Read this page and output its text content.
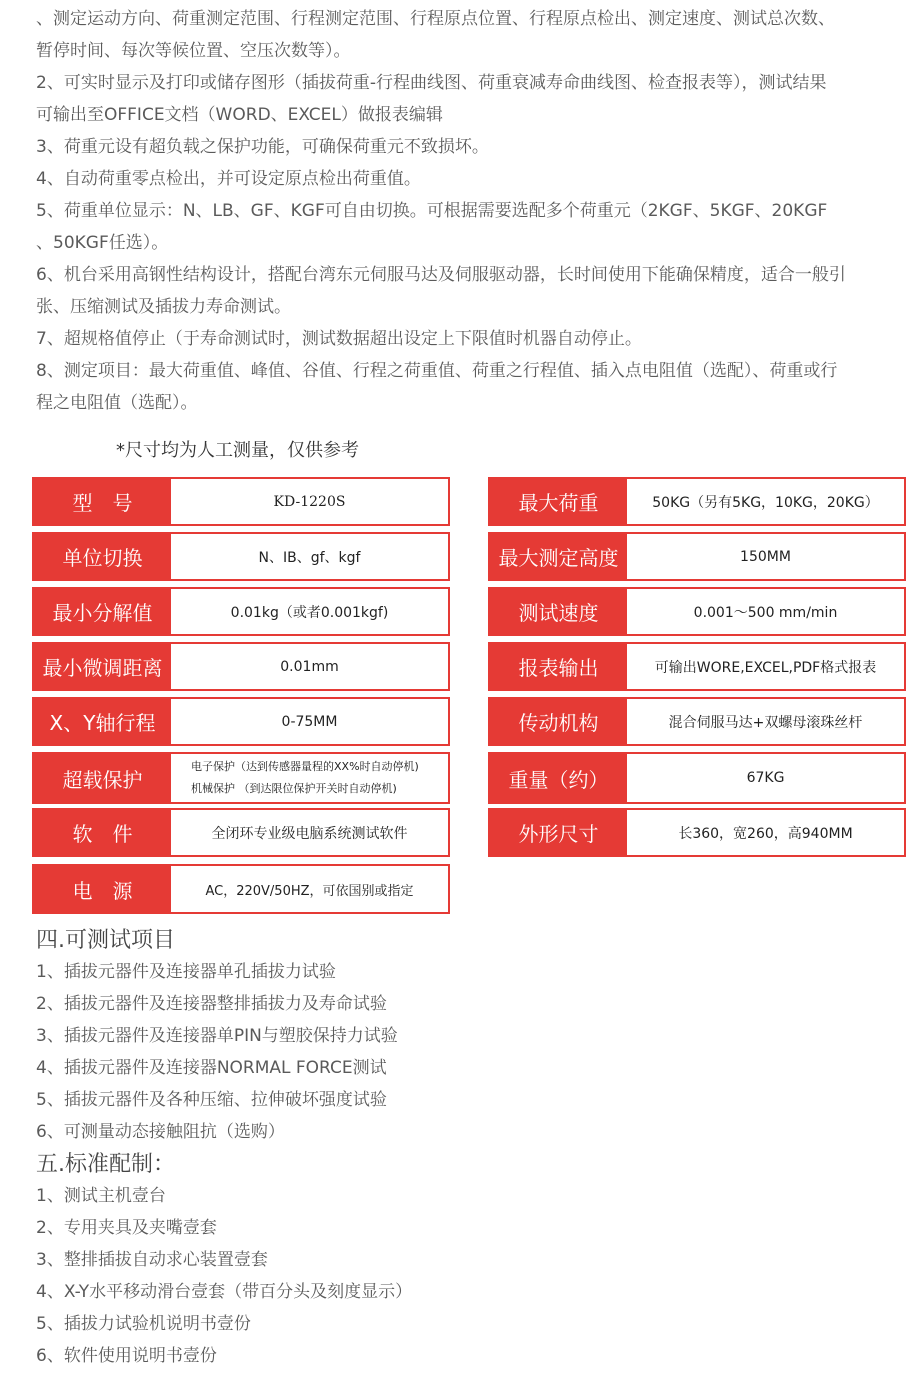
、测定运动方向、荷重测定范围、行程测定范围、行程原点位置、行程原点检出、测定速度、测试总次数、

暂停时间、每次等候位置、空压次数等）。

2、可实时显示及打印或储存图形（插拔荷重-行程曲线图、荷重衰减寿命曲线图、检查报表等），测试结果

可输出至OFFICE文档（WORD、EXCEL）做报表编辑

3、荷重元设有超负载之保护功能，可确保荷重元不致损坏。

4、自动荷重零点检出，并可设定原点检出荷重值。

5、荷重单位显示：N、LB、GF、KGF可自由切换。可根据需要选配多个荷重元（2KGF、5KGF、20KGF

、50KGF任选）。

6、机台采用高钢性结构设计，搭配台湾东元伺服马达及伺服驱动器，长时间使用下能确保精度，适合一般引

张、压缩测试及插拔力寿命测试。

7、超规格值停止（于寿命测试时，测试数据超出设定上下限值时机器自动停止。

8、测定项目：最大荷重值、峰值、谷值、行程之荷重值、荷重之行程值、插入点电阻值（选配）、荷重或行

程之电阻值（选配）。

*尺寸均为人工测量，仅供参考
型　号	KD-1220S
单位切换	N、IB、gf、kgf
最小分解值	0.01kg（或者0.001kgf)
最小微调距离	0.01mm
X、Y轴行程	0-75MM
超载保护
电子保护（达到传感器量程的XX%时自动停机)
机械保护 （到达限位保护开关时自动停机)
软　件	全闭环专业级电脑系统测试软件
电　源	AC，220V/50HZ，可依国别或指定
最大荷重	50KG（另有5KG，10KG，20KG）
最大测定高度	150MM
测试速度	0.001～500 mm/min
报表输出	可输出WORE,EXCEL,PDF格式报表
传动机构	混合伺服马达+双螺母滚珠丝杆
重量（约）	67KG
外形尺寸	长360，宽260，高940MM
四.可测试项目
1、插拔元器件及连接器单孔插拔力试验
2、插拔元器件及连接器整排插拔力及寿命试验
3、插拔元器件及连接器单PIN与塑胶保持力试验
4、插拔元器件及连接器NORMAL FORCE测试
5、插拔元器件及各种压缩、拉伸破坏强度试验
6、可测量动态接触阻抗（选购）
五.标准配制：
1、测试主机壹台
2、专用夹具及夹嘴壹套
3、整排插拔自动求心装置壹套
4、X-Y水平移动滑台壹套（带百分头及刻度显示）
5、插拔力试验机说明书壹份
6、软件使用说明书壹份
